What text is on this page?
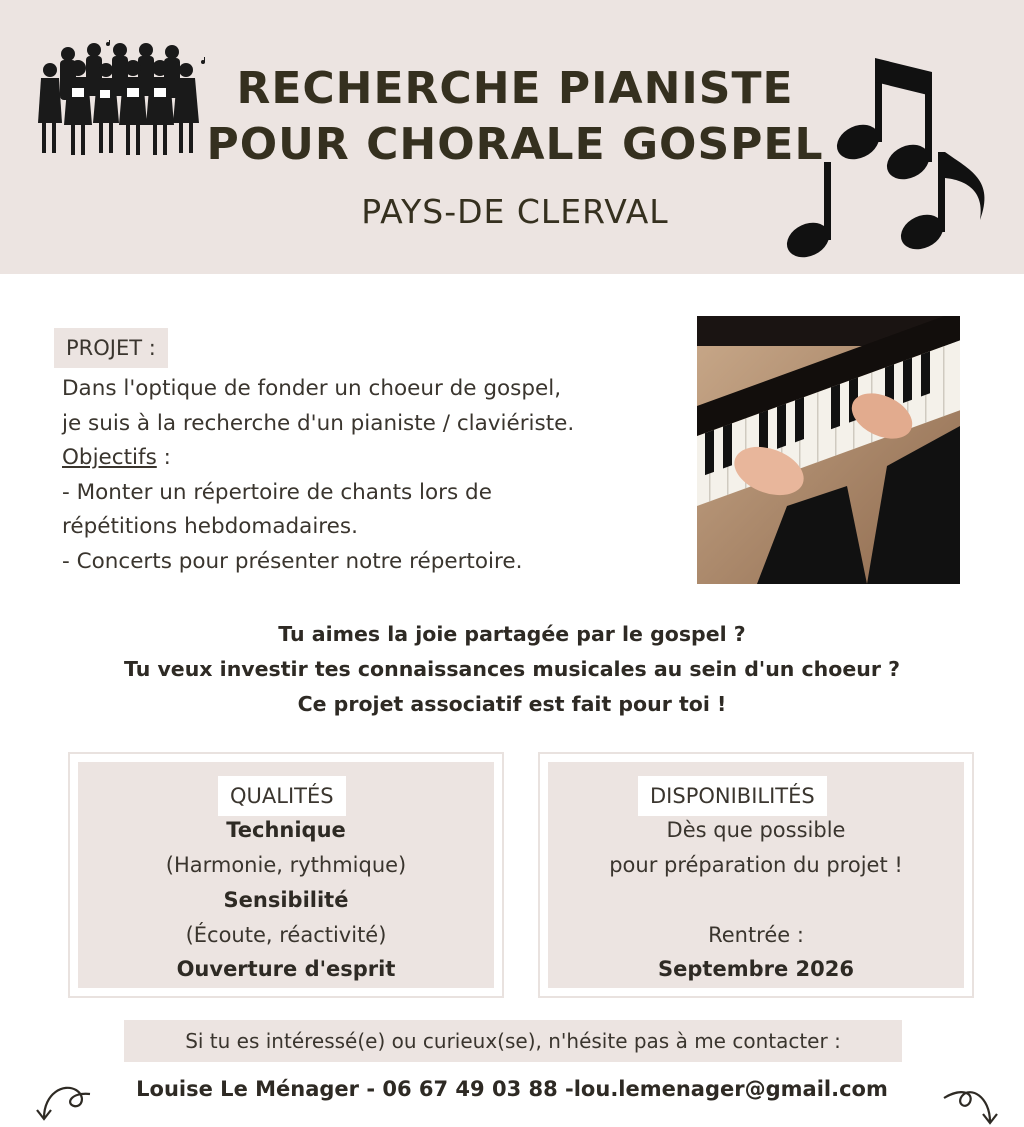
RECHERCHE PIANISTE
POUR CHORALE GOSPEL
PAYS-DE CLERVAL
PROJET :
Dans l'optique de fonder un choeur de gospel,
je suis à la recherche d'un pianiste / claviériste.
Objectifs :
- Monter un répertoire de chants lors de
répétitions hebdomadaires.
- Concerts pour présenter notre répertoire.
Tu aimes la joie partagée par le gospel ?
Tu veux investir tes connaissances musicales au sein d'un choeur ?
Ce projet associatif est fait pour toi !
QUALITÉS
Technique
(Harmonie, rythmique)
Sensibilité
(Écoute, réactivité)
Ouverture d'esprit
DISPONIBILITÉS
Dès que possible
pour préparation du projet !
Rentrée :
Septembre 2026
Si tu es intéressé(e) ou curieux(se), n'hésite pas à me contacter :
Louise Le Ménager - 06 67 49 03 88 -lou.lemenager@gmail.com
